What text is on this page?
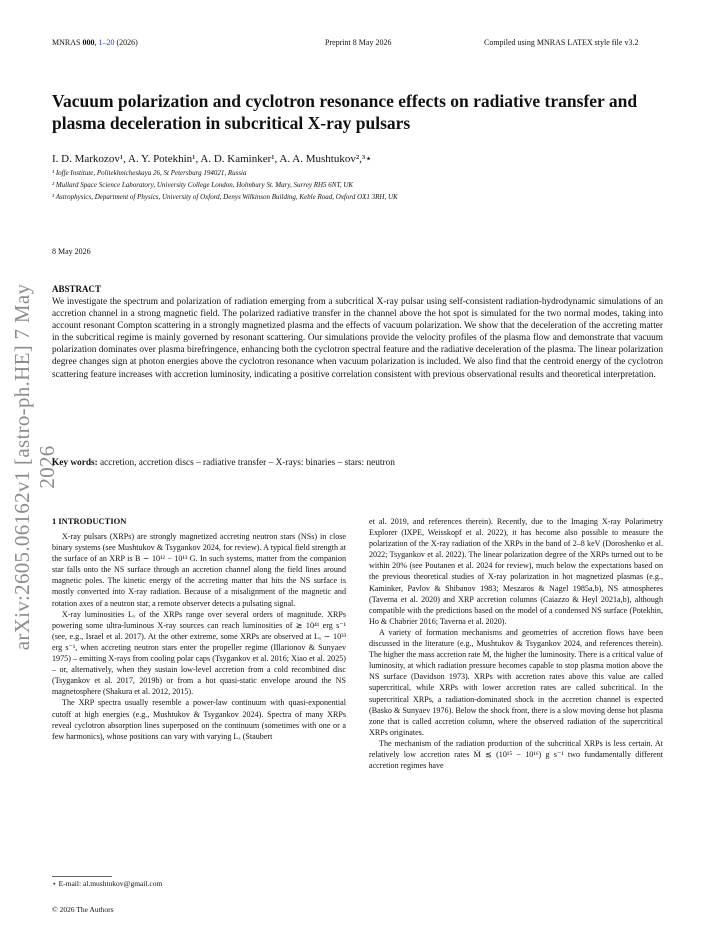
MNRAS 000, 1–20 (2026)	Preprint 8 May 2026	Compiled using MNRAS LATEX style file v3.2
arXiv:2605.06162v1 [astro-ph.HE] 7 May 2026
Vacuum polarization and cyclotron resonance effects on radiative transfer and plasma deceleration in subcritical X-ray pulsars
I. D. Markozov¹, A. Y. Potekhin¹, A. D. Kaminker¹, A. A. Mushtukov²,³⋆
¹ Ioffe Institute, Politekhnicheskaya 26, St Petersburg 194021, Russia
² Mullard Space Science Laboratory, University College London, Holmbury St. Mary, Surrey RH5 6NT, UK
³ Astrophysics, Department of Physics, University of Oxford, Denys Wilkinson Building, Keble Road, Oxford OX1 3RH, UK
8 May 2026
ABSTRACT
We investigate the spectrum and polarization of radiation emerging from a subcritical X-ray pulsar using self-consistent radiation-hydrodynamic simulations of an accretion channel in a strong magnetic field. The polarized radiative transfer in the channel above the hot spot is simulated for the two normal modes, taking into account resonant Compton scattering in a strongly magnetized plasma and the effects of vacuum polarization. We show that the deceleration of the accreting matter in the subcritical regime is mainly governed by resonant scattering. Our simulations provide the velocity profiles of the plasma flow and demonstrate that vacuum polarization dominates over plasma birefringence, enhancing both the cyclotron spectral feature and the radiative deceleration of the plasma. The linear polarization degree changes sign at photon energies above the cyclotron resonance when vacuum polarization is included. We also find that the centroid energy of the cyclotron scattering feature increases with accretion luminosity, indicating a positive correlation consistent with previous observational results and theoretical interpretation.
Key words: accretion, accretion discs – radiative transfer – X-rays: binaries – stars: neutron
1 INTRODUCTION

X-ray pulsars (XRPs) are strongly magnetized accreting neutron stars (NSs) in close binary systems (see Mushtukov & Tsygankov 2024, for review). A typical field strength at the surface of an XRP is B ∼ 10¹² − 10¹³ G. In such systems, matter from the companion star falls onto the NS surface through an accretion channel along the field lines around magnetic poles. The kinetic energy of the accreting matter that hits the NS surface is mostly converted into X-ray radiation. Because of a misalignment of the magnetic and rotation axes of a neutron star, a remote observer detects a pulsating signal.

X-ray luminosities Lₓ of the XRPs range over several orders of magnitude. XRPs powering some ultra-luminous X-ray sources can reach luminosities of ≳ 10⁴¹ erg s⁻¹ (see, e.g., Israel et al. 2017). At the other extreme, some XRPs are observed at Lₓ ∼ 10³³ erg s⁻¹, when accreting neutron stars enter the propeller regime (Illarionov & Sunyaev 1975) – emitting X-rays from cooling polar caps (Tsygankov et al. 2016; Xiao et al. 2025) – or, alternatively, when they sustain low-level accretion from a cold recombined disc (Tsygankov et al. 2017, 2019b) or from a hot quasi-static envelope around the NS magnetosphere (Shakura et al. 2012, 2015).

The XRP spectra usually resemble a power-law continuum with quasi-exponential cutoff at high energies (e.g., Mushtukov & Tsygankov 2024). Spectra of many XRPs reveal cyclotron absorption lines superposed on the continuum (sometimes with one or a few harmonics), whose positions can vary with varying Lₓ (Staubert

et al. 2019, and references therein). Recently, due to the Imaging X-ray Polarimetry Explorer (IXPE, Weisskopf et al. 2022), it has become also possible to measure the polarization of the X-ray radiation of the XRPs in the band of 2–8 keV (Doroshenko et al. 2022; Tsygankov et al. 2022). The linear polarization degree of the XRPs turned out to be within 20% (see Poutanen et al. 2024 for review), much below the expectations based on the previous theoretical studies of X-ray polarization in hot magnetized plasmas (e.g., Kaminker, Pavlov & Shibanov 1983; Meszaros & Nagel 1985a,b), NS atmospheres (Taverna et al. 2020) and XRP accretion columns (Caiazzo & Heyl 2021a,b), although compatible with the predictions based on the model of a condensed NS surface (Potekhin, Ho & Chabrier 2016; Taverna et al. 2020).

A variety of formation mechanisms and geometries of accretion flows have been discussed in the literature (e.g., Mushtukov & Tsygankov 2024, and references therein). The higher the mass accretion rate Ṁ, the higher the luminosity. There is a critical value of luminosity, at which radiation pressure becomes capable to stop plasma motion above the NS surface (Davidson 1973). XRPs with accretion rates above this value are called supercritical, while XRPs with lower accretion rates are called subcritical. In the supercritical XRPs, a radiation-dominated shock in the accretion channel is expected (Basko & Sunyaev 1976). Below the shock front, there is a slow moving dense hot plasma zone that is called accretion column, where the observed radiation of the supercritical XRPs originates.

The mechanism of the radiation production of the subcritical XRPs is less certain. At relatively low accretion rates Ṁ ≲ (10¹⁵ − 10¹⁶) g s⁻¹ two fundamentally different accretion regimes have

⋆ E-mail: al.mushtukov@gmail.com
© 2026 The Authors
